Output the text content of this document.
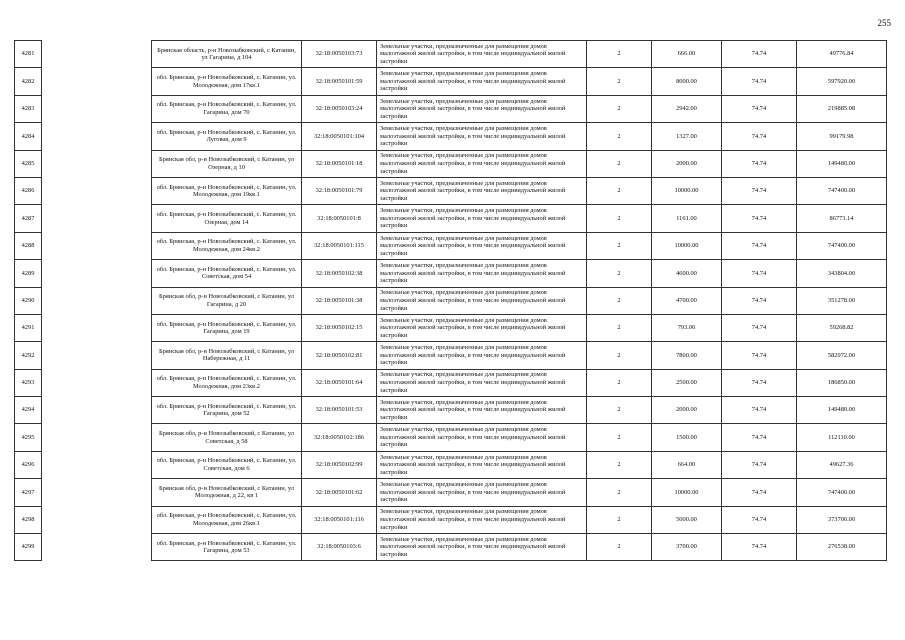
255
4281		Брянская область, р-н Новозыбковский, с Катанин, ул Гагарина, д 104	32:18:0050103:73	Земельные участки, предназначенные для размещения домов малоэтажной жилой застройки, в том числе индивидуальной жилой застройки	2	666.00	74.74	49776.84
4282		обл. Брянская, р-н Новозыбковский, с. Катанин, ул. Молодежная, дом 17кв.1	32:18:0050101:59	Земельные участки, предназначенные для размещения домов малоэтажной жилой застройки, в том числе индивидуальной жилой застройки	2	8000.00	74.74	597920.00
4283		обл. Брянская, р-н Новозыбковский, с. Катанин, ул. Гагарина, дом 70	32:18:0050103:24	Земельные участки, предназначенные для размещения домов малоэтажной жилой застройки, в том числе индивидуальной жилой застройки	2	2942.00	74.74	219885.08
4284		обл. Брянская, р-н Новозыбковский, с. Катанин, ул. Луговая, дом 9	32:18:0050101:104	Земельные участки, предназначенные для размещения домов малоэтажной жилой застройки, в том числе индивидуальной жилой застройки	2	1327.00	74.74	99179.98
4285		Брянская обл, р-н Новозыбковский, с Катанин, ул Озерная, д 10	32:18:0050101:18	Земельные участки, предназначенные для размещения домов малоэтажной жилой застройки, в том числе индивидуальной жилой застройки	2	2000.00	74.74	149480.00
4286		обл. Брянская, р-н Новозыбковский, с. Катанин, ул. Молодежная, дом 19кв.1	32:18:0050101:79	Земельные участки, предназначенные для размещения домов малоэтажной жилой застройки, в том числе индивидуальной жилой застройки	2	10000.00	74.74	747400.00
4287		обл. Брянская, р-н Новозыбковский, с. Катанин, ул. Озерная, дом 14	32:18:0050101:8	Земельные участки, предназначенные для размещения домов малоэтажной жилой застройки, в том числе индивидуальной жилой застройки	2	1161.00	74.74	86773.14
4288		обл. Брянская, р-н Новозыбковский, с. Катанин, ул. Молодежная, дом 24кв.2	32:18:0050101:115	Земельные участки, предназначенные для размещения домов малоэтажной жилой застройки, в том числе индивидуальной жилой застройки	2	10000.00	74.74	747400.00
4289		обл. Брянская, р-н Новозыбковский, с. Катанин, ул. Советская, дом 54	32:18:0050102:38	Земельные участки, предназначенные для размещения домов малоэтажной жилой застройки, в том числе индивидуальной жилой застройки	2	4600.00	74.74	343804.00
4290		Брянская обл, р-н Новозыбковский, с Катанин, ул Гагарина, д 20	32:18:0050101:38	Земельные участки, предназначенные для размещения домов малоэтажной жилой застройки, в том числе индивидуальной жилой застройки	2	4700.00	74.74	351278.00
4291		обл. Брянская, р-н Новозыбковский, с. Катанин, ул. Гагарина, дом 19	32:18:0050102:15	Земельные участки, предназначенные для размещения домов малоэтажной жилой застройки, в том числе индивидуальной жилой застройки	2	793.00	74.74	59268.82
4292		Брянская обл, р-н Новозыбковский, с Катанин, ул Набережная, д 11	32:18:0050102:81	Земельные участки, предназначенные для размещения домов малоэтажной жилой застройки, в том числе индивидуальной жилой застройки	2	7800.00	74.74	582972.00
4293		обл. Брянская, р-н Новозыбковский, с. Катанин, ул. Молодежная, дом 23кв.2	32:18:0050101:64	Земельные участки, предназначенные для размещения домов малоэтажной жилой застройки, в том числе индивидуальной жилой застройки	2	2500.00	74.74	186850.00
4294		обл. Брянская, р-н Новозыбковский, с. Катанин, ул. Гагарина, дом 52	32:18:0050101:53	Земельные участки, предназначенные для размещения домов малоэтажной жилой застройки, в том числе индивидуальной жилой застройки	2	2000.00	74.74	149480.00
4295		Брянская обл, р-н Новозыбковский, с Катанин, ул Советская, д 58	32:18:0050102:186	Земельные участки, предназначенные для размещения домов малоэтажной жилой застройки, в том числе индивидуальной жилой застройки	2	1500.00	74.74	112110.00
4296		обл. Брянская, р-н Новозыбковский, с. Катанин, ул. Советская, дом 6	32:18:0050102:99	Земельные участки, предназначенные для размещения домов малоэтажной жилой застройки, в том числе индивидуальной жилой застройки	2	664.00	74.74	49627.36
4297		Брянская обл, р-н Новозыбковский, с Катанин, ул Молодежная, д 22, кв 1	32:18:0050101:62	Земельные участки, предназначенные для размещения домов малоэтажной жилой застройки, в том числе индивидуальной жилой застройки	2	10000.00	74.74	747400.00
4298		обл. Брянская, р-н Новозыбковский, с. Катанин, ул. Молодежная, дом 26кв.1	32:18:0050101:116	Земельные участки, предназначенные для размещения домов малоэтажной жилой застройки, в том числе индивидуальной жилой застройки	2	5000.00	74.74	373700.00
4299		обл. Брянская, р-н Новозыбковский, с. Катанин, ул. Гагарина, дом 53	32:18:0050103:6	Земельные участки, предназначенные для размещения домов малоэтажной жилой застройки, в том числе индивидуальной жилой застройки	2	3700.00	74.74	276538.00
